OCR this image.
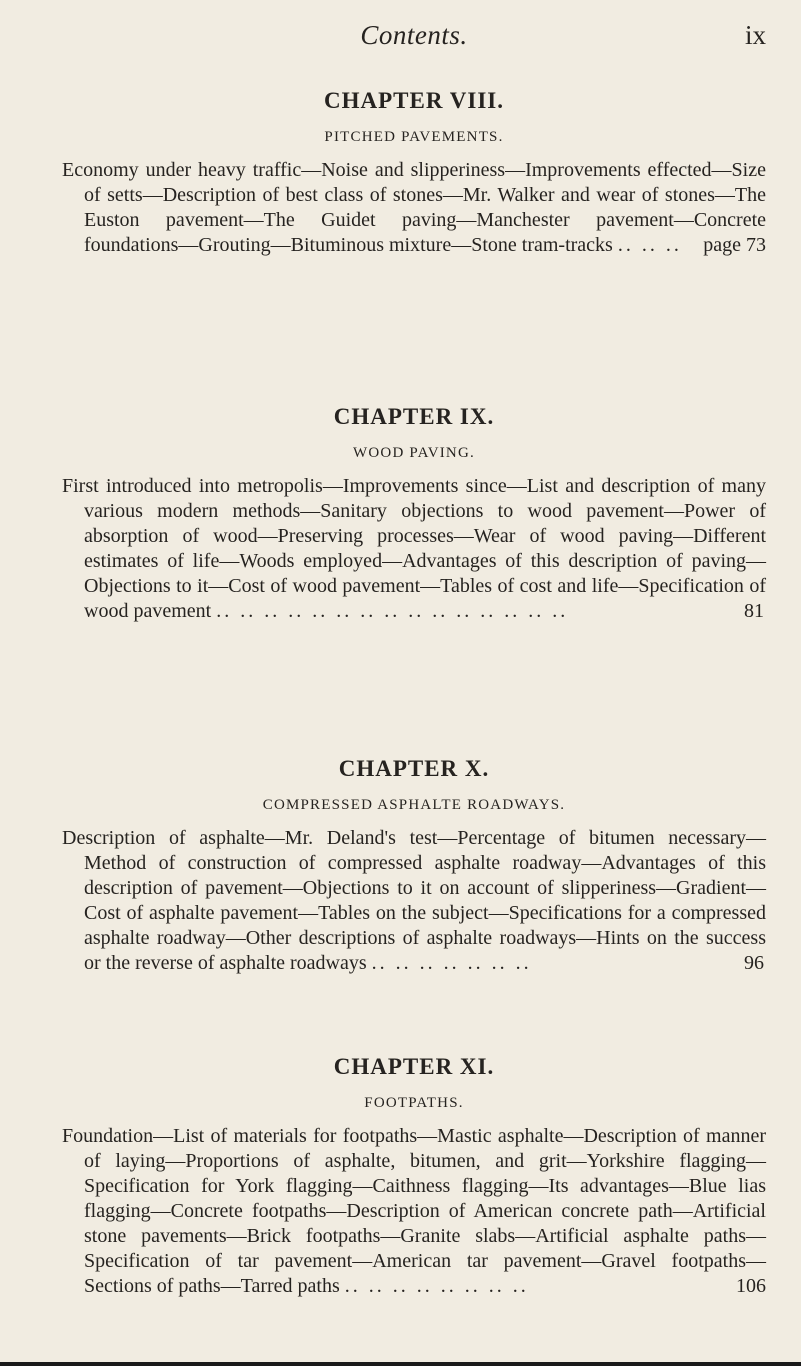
Contents.	ix
CHAPTER VIII.
PITCHED PAVEMENTS.

Economy under heavy traffic—Noise and slipperiness—Improvements effected—Size of setts—Description of best class of stones—Mr. Walker and wear of stones—The Euston pavement—The Guidet paving—Manchester pavement—Concrete foundations—Grouting—Bituminous mixture—Stone tram-tracks .. .. .. page 73

CHAPTER IX.
WOOD PAVING.

First introduced into metropolis—Improvements since—List and description of many various modern methods—Sanitary objections to wood pavement—Power of absorption of wood—Preserving processes—Wear of wood paving—Different estimates of life—Woods employed—Advantages of this description of paving—Objections to it—Cost of wood pavement—Tables of cost and life—Specification of wood pavement .. .. .. .. .. .. .. .. .. .. .. .. .. .. ..	81

CHAPTER X.
COMPRESSED ASPHALTE ROADWAYS.

Description of asphalte—Mr. Deland's test—Percentage of bitumen necessary—Method of construction of compressed asphalte roadway—Advantages of this description of pavement—Objections to it on account of slipperiness—Gradient—Cost of asphalte pavement—Tables on the subject—Specifications for a compressed asphalte roadway—Other descriptions of asphalte roadways—Hints on the success or the reverse of asphalte roadways .. .. .. .. .. .. ..	96

CHAPTER XI.
FOOTPATHS.

Foundation—List of materials for footpaths—Mastic asphalte—Description of manner of laying—Proportions of asphalte, bitumen, and grit—Yorkshire flagging—Specification for York flagging—Caithness flagging—Its advantages—Blue lias flagging—Concrete footpaths—Description of American concrete path—Artificial stone pavements—Brick footpaths—Granite slabs—Artificial asphalte paths—Specification of tar pavement—American tar pavement—Gravel footpaths—Sections of paths—Tarred paths .. .. .. .. .. .. .. ..	106
